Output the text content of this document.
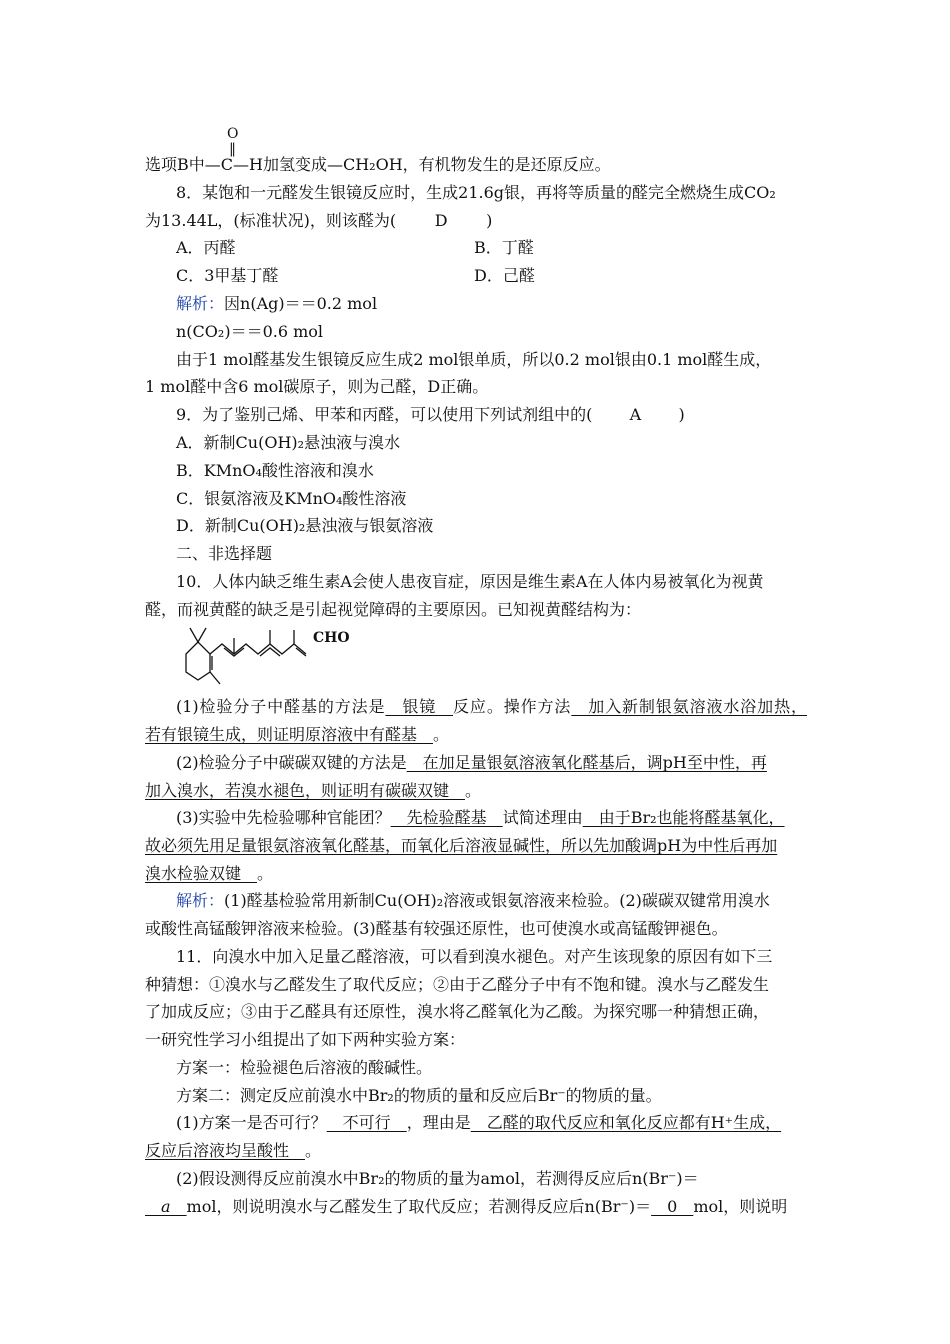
O
‖
选项B中—C—H加氢变成—CH₂OH，有机物发生的是还原反应。
8．某饱和一元醛发生银镜反应时，生成21.6g银，再将等质量的醛完全燃烧生成CO₂
为13.44L，(标准状况)，则该醛为( D )
A．丙醛	B．丁醛
C．3甲基丁醛	D．己醛
解析：因n(Ag)＝＝0.2 mol
n(CO₂)＝＝0.6 mol
由于1 mol醛基发生银镜反应生成2 mol银单质，所以0.2 mol银由0.1 mol醛生成，
1 mol醛中含6 mol碳原子，则为己醛，D正确。
9．为了鉴别己烯、甲苯和丙醛，可以使用下列试剂组中的( A )
A．新制Cu(OH)₂悬浊液与溴水
B．KMnO₄酸性溶液和溴水
C．银氨溶液及KMnO₄酸性溶液
D．新制Cu(OH)₂悬浊液与银氨溶液
二、非选择题
10．人体内缺乏维生素A会使人患夜盲症，原因是维生素A在人体内易被氧化为视黄
醛，而视黄醛的缺乏是引起视觉障碍的主要原因。已知视黄醛结构为：
CHO
(1)检验分子中醛基的方法是　银镜　反应。操作方法　加入新制银氨溶液水浴加热，
若有银镜生成，则证明原溶液中有醛基　。
(2)检验分子中碳碳双键的方法是　在加足量银氨溶液氧化醛基后，调pH至中性，再
加入溴水，若溴水褪色，则证明有碳碳双键　。
(3)实验中先检验哪种官能团？　先检验醛基　试简述理由　由于Br₂也能将醛基氧化，
故必须先用足量银氨溶液氧化醛基，而氧化后溶液显碱性，所以先加酸调pH为中性后再加
溴水检验双键　。
解析：(1)醛基检验常用新制Cu(OH)₂溶液或银氨溶液来检验。(2)碳碳双键常用溴水
或酸性高锰酸钾溶液来检验。(3)醛基有较强还原性，也可使溴水或高锰酸钾褪色。
11．向溴水中加入足量乙醛溶液，可以看到溴水褪色。对产生该现象的原因有如下三
种猜想：①溴水与乙醛发生了取代反应；②由于乙醛分子中有不饱和键。溴水与乙醛发生
了加成反应；③由于乙醛具有还原性，溴水将乙醛氧化为乙酸。为探究哪一种猜想正确，
一研究性学习小组提出了如下两种实验方案：
方案一：检验褪色后溶液的酸碱性。
方案二：测定反应前溴水中Br₂的物质的量和反应后Br⁻的物质的量。
(1)方案一是否可行？　不可行　，理由是　乙醛的取代反应和氧化反应都有H⁺生成，
反应后溶液均呈酸性　。
(2)假设测得反应前溴水中Br₂的物质的量为amol，若测得反应后n(Br⁻)＝
　a　mol，则说明溴水与乙醛发生了取代反应；若测得反应后n(Br⁻)＝　0　mol，则说明
